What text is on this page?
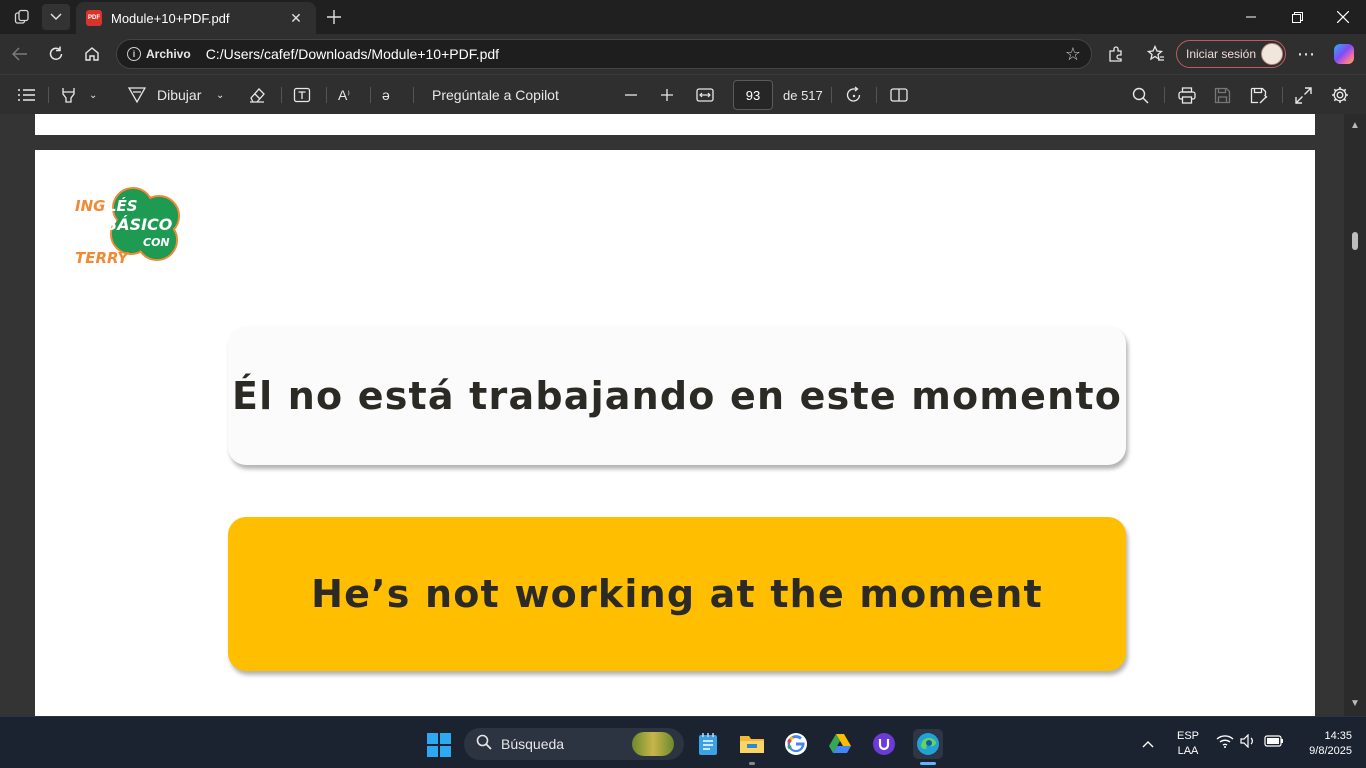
PDF Module+10+PDF.pdf	✕
i Archivo C:/Users/cafef/Downloads/Module+10+PDF.pdf	☆	Iniciar sesión ⋯
⌄	Dibujar ⌄	A ⁾ ə	Pregúntale a Copilot	93	de 517
ING LÉS
BÁSICO
CON
TERRY
Él no está trabajando en este momento
He’s not working at the moment
▲
▼
Búsqueda	ESP
LAA
14:35
9/8/2025
